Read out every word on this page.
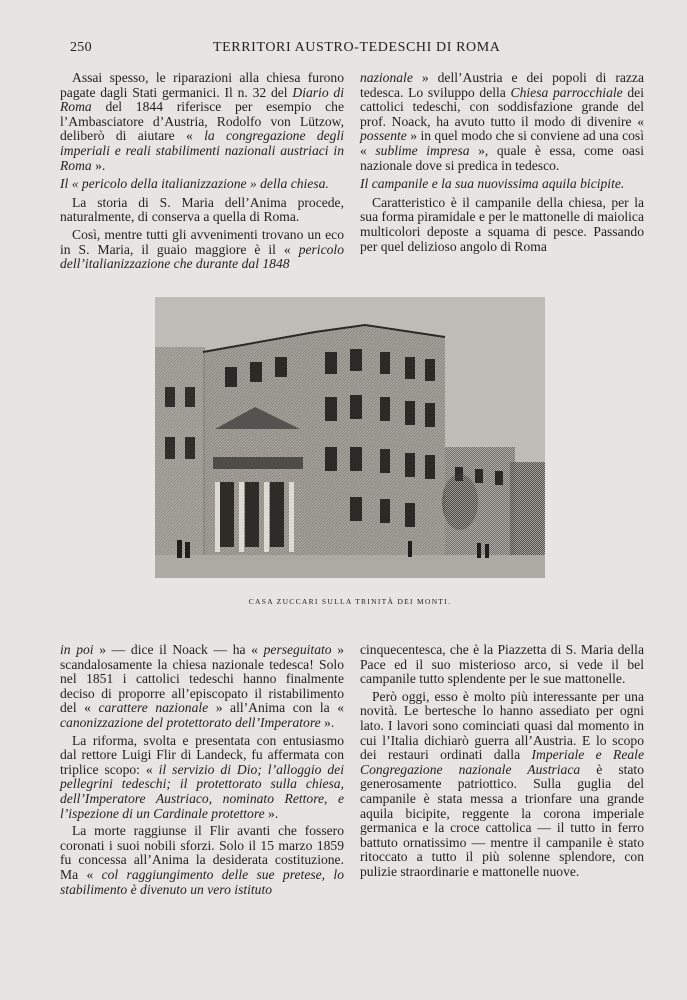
250	TERRITORI AUSTRO-TEDESCHI DI ROMA

Assai spesso, le riparazioni alla chiesa furono pagate dagli Stati germanici. Il n. 32 del Diario di Roma del 1844 riferisce per esempio che l’Ambasciatore d’Austria, Rodolfo von Lützow, deliberò di aiutare « la congregazione degli imperiali e reali stabilimenti nazionali austriaci in Roma ».

Il « pericolo della italianizzazione » della chiesa.

La storia di S. Maria dell’Anima procede, naturalmente, di conserva a quella di Roma.

Così, mentre tutti gli avvenimenti trovano un eco in S. Maria, il guaio maggiore è il « pericolo dell’italianizzazione che durante dal 1848

nazionale » dell’Austria e dei popoli di razza tedesca. Lo sviluppo della Chiesa parrocchiale dei cattolici tedeschi, con soddisfazione grande del prof. Noack, ha avuto tutto il modo di divenire « possente » in quel modo che si conviene ad una così « sublime impresa », quale è essa, come oasi nazionale dove si predica in tedesco.

Il campanile e la sua nuovissima aquila bicipite.

Caratteristico è il campanile della chiesa, per la sua forma piramidale e per le mattonelle di maiolica multicolori deposte a squama di pesce. Passando per quel delizioso angolo di Roma

CASA ZUCCARI SULLA TRINITÀ DEI MONTI.

in poi » — dice il Noack — ha « perseguitato » scandalosamente la chiesa nazionale tedesca! Solo nel 1851 i cattolici tedeschi hanno finalmente deciso di proporre all’episcopato il ristabilimento del « carattere nazionale » all’Anima con la « canonizzazione del protettorato dell’Imperatore ».

La riforma, svolta e presentata con entusiasmo dal rettore Luigi Flir di Landeck, fu affermata con triplice scopo: « il servizio di Dio; l’alloggio dei pellegrini tedeschi; il protettorato sulla chiesa, dell’Imperatore Austriaco, nominato Rettore, e l’ispezione di un Cardinale protettore ».

La morte raggiunse il Flir avanti che fossero coronati i suoi nobili sforzi. Solo il 15 marzo 1859 fu concessa all’Anima la desiderata costituzione. Ma « col raggiungimento delle sue pretese, lo stabilimento è divenuto un vero istituto

cinquecentesca, che è la Piazzetta di S. Maria della Pace ed il suo misterioso arco, si vede il bel campanile tutto splendente per le sue mattonelle.

Però oggi, esso è molto più interessante per una novità. Le bertesche lo hanno assediato per ogni lato. I lavori sono cominciati quasi dal momento in cui l’Italia dichiarò guerra all’Austria. E lo scopo dei restauri ordinati dalla Imperiale e Reale Congregazione nazionale Austriaca è stato generosamente patriottico. Sulla guglia del campanile è stata messa a trionfare una grande aquila bicipite, reggente la corona imperiale germanica e la croce cattolica — il tutto in ferro battuto ornatissimo — mentre il campanile è stato ritoccato a tutto il più solenne splendore, con pulizie straordinarie e mattonelle nuove.
